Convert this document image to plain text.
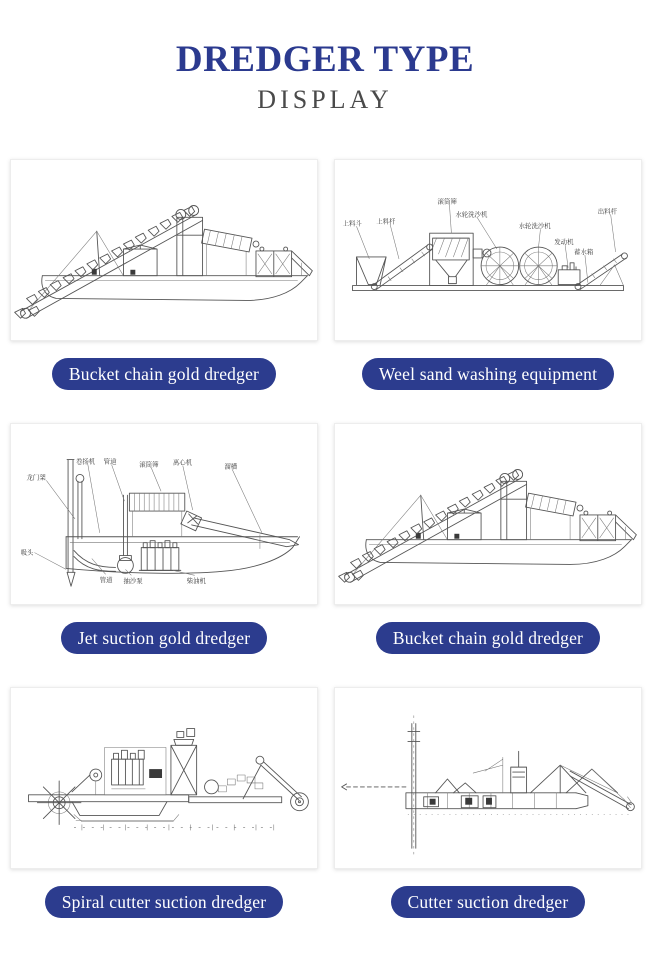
DREDGER TYPE
DISPLAY
Bucket chain gold dredger
上料斗 上料杆
滚筒筛
水轮洗沙机
水轮洗沙机
发动机
蓄水箱
出料杆
Weel sand washing equipment
龙门架
卷扬机 管道	滚筒筛 离心机
溜槽
吸头
管道 抽沙泵	柴油机
Jet suction gold dredger	Bucket chain gold dredger
Spiral cutter suction dredger	Cutter suction dredger
